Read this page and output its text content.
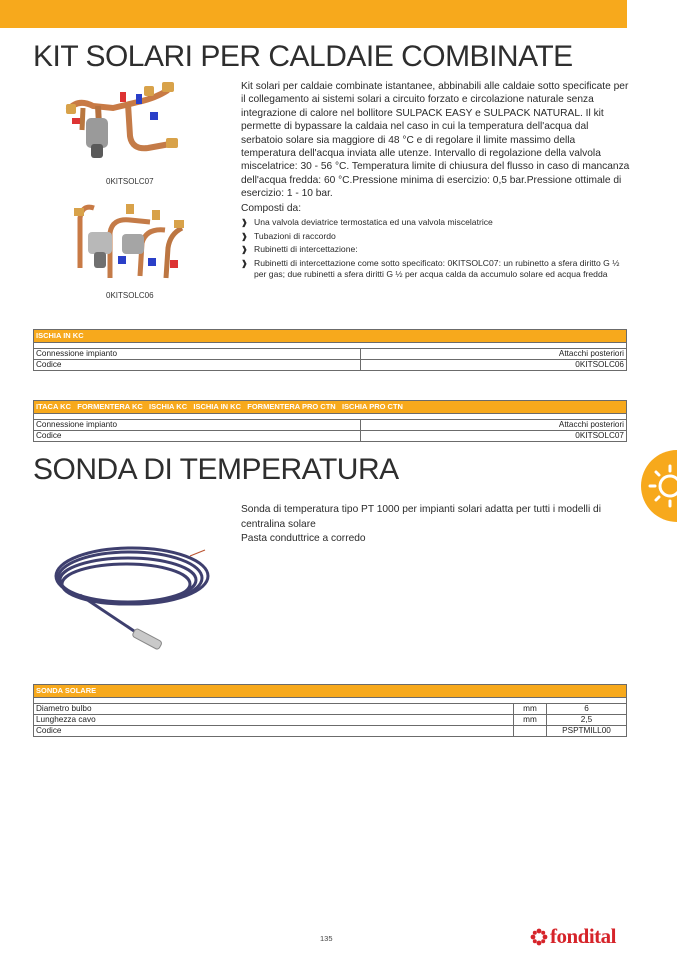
KIT SOLARI PER CALDAIE COMBINATE
0KITSOLC07
0KITSOLC06

Kit solari per caldaie combinate istantanee, abbinabili alle caldaie sotto specificate per il collegamento ai sistemi solari a circuito forzato e circolazione naturale senza integrazione di calore nel bollitore SULPACK EASY e SULPACK NATURAL. Il kit permette di bypassare la caldaia nel caso in cui la temperatura dell'acqua dal serbatoio solare sia maggiore di 48 °C e di regolare il limite massimo della temperatura dell'acqua inviata alle utenze. Intervallo di regolazione della valvola miscelatrice: 30 - 56 °C. Temperatura limite di chiusura del flusso in caso di mancanza dell'acqua fredda: 60 °C.Pressione minima di esercizio: 0,5 bar.Pressione ottimale di esercizio: 1 - 10 bar.

Composti da:

❱ Una valvola deviatrice termostatica ed una valvola miscelatrice
❱ Tubazioni di raccordo
❱ Rubinetti di intercettazione:
❱ Rubinetti di intercettazione come sotto specificato: 0KITSOLC07: un rubinetto a sfera diritto G ½ per gas; due rubinetti a sfera diritti G ½ per acqua calda da accumulo solare ed acqua fredda
ISCHIA IN KC	

Connessione impianto	Attacchi posteriori
Codice	0KITSOLC06
ITACA KC   FORMENTERA KC   ISCHIA KC   ISCHIA IN KC   FORMENTERA PRO CTN   ISCHIA PRO CTN	

Connessione impianto	Attacchi posteriori
Codice	0KITSOLC07
SONDA DI TEMPERATURA

Sonda di temperatura tipo PT 1000 per impianti solari adatta per tutti i modelli di centralina solare

Pasta conduttrice a corredo

SONDA SOLARE		

Diametro bulbo	mm	6
Lunghezza cavo	mm	2,5
Codice		PSPTMILL00
135	fondital
